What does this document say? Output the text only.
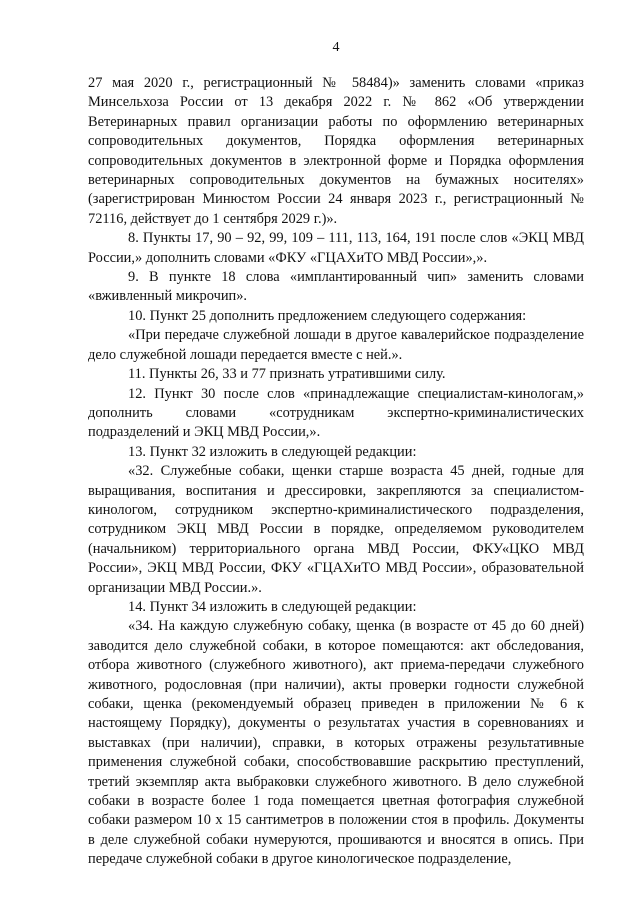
4

27 мая 2020 г., регистрационный № 58484)» заменить словами «приказ Минсельхоза России от 13 декабря 2022 г. № 862 «Об утверждении Ветеринарных правил организации работы по оформлению ветеринарных сопроводительных документов, Порядка оформления ветеринарных сопроводительных документов в электронной форме и Порядка оформления ветеринарных сопроводительных документов на бумажных носителях» (зарегистрирован Минюстом России 24 января 2023 г., регистрационный № 72116, действует до 1 сентября 2029 г.)».

8. Пункты 17, 90 – 92, 99, 109 – 111, 113, 164, 191 после слов «ЭКЦ МВД России,» дополнить словами «ФКУ «ГЦАХиТО МВД России»,».

9. В пункте 18 слова «имплантированный чип» заменить словами «вживленный микрочип».

10. Пункт 25 дополнить предложением следующего содержания:

«При передаче служебной лошади в другое кавалерийское подразделение дело служебной лошади передается вместе с ней.».

11. Пункты 26, 33 и 77 признать утратившими силу.

12. Пункт 30 после слов «принадлежащие специалистам-кинологам,» дополнить словами «сотрудникам экспертно-криминалистических подразделений и ЭКЦ МВД России,».

13. Пункт 32 изложить в следующей редакции:

«32. Служебные собаки, щенки старше возраста 45 дней, годные для выращивания, воспитания и дрессировки, закрепляются за специалистом-кинологом, сотрудником экспертно-криминалистического подразделения, сотрудником ЭКЦ МВД России в порядке, определяемом руководителем (начальником) территориального органа МВД России, ФКУ«ЦКО МВД России», ЭКЦ МВД России, ФКУ «ГЦАХиТО МВД России», образовательной организации МВД России.».

14. Пункт 34 изложить в следующей редакции:

«34. На каждую служебную собаку, щенка (в возрасте от 45 до 60 дней) заводится дело служебной собаки, в которое помещаются: акт обследования, отбора животного (служебного животного), акт приема-передачи служебного животного, родословная (при наличии), акты проверки годности служебной собаки, щенка (рекомендуемый образец приведен в приложении № 6 к настоящему Порядку), документы о результатах участия в соревнованиях и выставках (при наличии), справки, в которых отражены результативные применения служебной собаки, способствовавшие раскрытию преступлений, третий экземпляр акта выбраковки служебного животного. В дело служебной собаки в возрасте более 1 года помещается цветная фотография служебной собаки размером 10 х 15 сантиметров в положении стоя в профиль. Документы в деле служебной собаки нумеруются, прошиваются и вносятся в опись. При передаче служебной собаки в другое кинологическое подразделение,
